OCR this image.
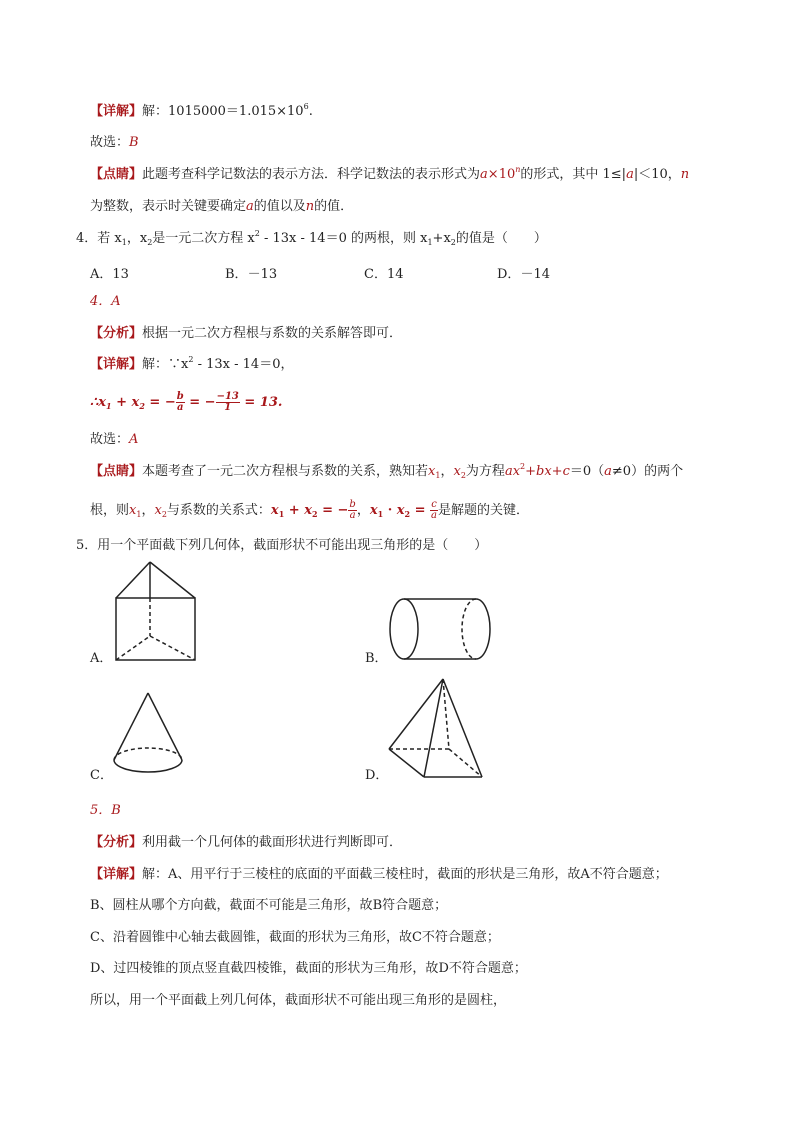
【详解】解：$1015000=1.015\times 10^6$.
故选：B
【点睛】此题考查科学记数法的表示方法．科学记数法的表示形式为$a\times 10^n$的形式，其中 1≤|a|＜10，n
为整数，表示时关键要确定a的值以及n的值．
4．若 $x_1$，$x_2$是一元二次方程 $x^2 - 13x - 14=0$ 的两根，则 $x_1+x_2$的值是（　　）
A．13	B．－13	C．14	D．－14
4．A
【分析】根据一元二次方程根与系数的关系解答即可．
【详解】解：$\because x^2 - 13x - 14=0$，
$\therefore x_1 + x_2$ = − $\frac{b}{a}$ = − $\frac{-13}{1} = 13$.
故选：A
【点睛】本题考查了一元二次方程根与系数的关系，熟知若$x_1$，$x_2$为方程$ax^2+bx+c=0(a\ne 0)$的两个
根，则$x_1$，$x_2$与系数的关系式：$x_1 + x_2$ = − $\frac{b}{a}$ ，$x_1 \cdot x_2 = \frac{c}{a}$ 是解题的关键．
5．用一个平面截下列几何体，截面形状不可能出现三角形的是（　　）
A．	B．
C．	D．
5．B
【分析】利用截一个几何体的截面形状进行判断即可．
【详解】解：A、用平行于三棱柱的底面的平面截三棱柱时，截面的形状是三角形，故A不符合题意；
B、圆柱从哪个方向截，截面不可能是三角形，故B符合题意；
C、沿着圆锥中心轴去截圆锥，截面的形状为三角形，故C不符合题意；
D、过四棱锥的顶点竖直截四棱锥，截面的形状为三角形，故D不符合题意；
所以，用一个平面截上列几何体，截面形状不可能出现三角形的是圆柱，
